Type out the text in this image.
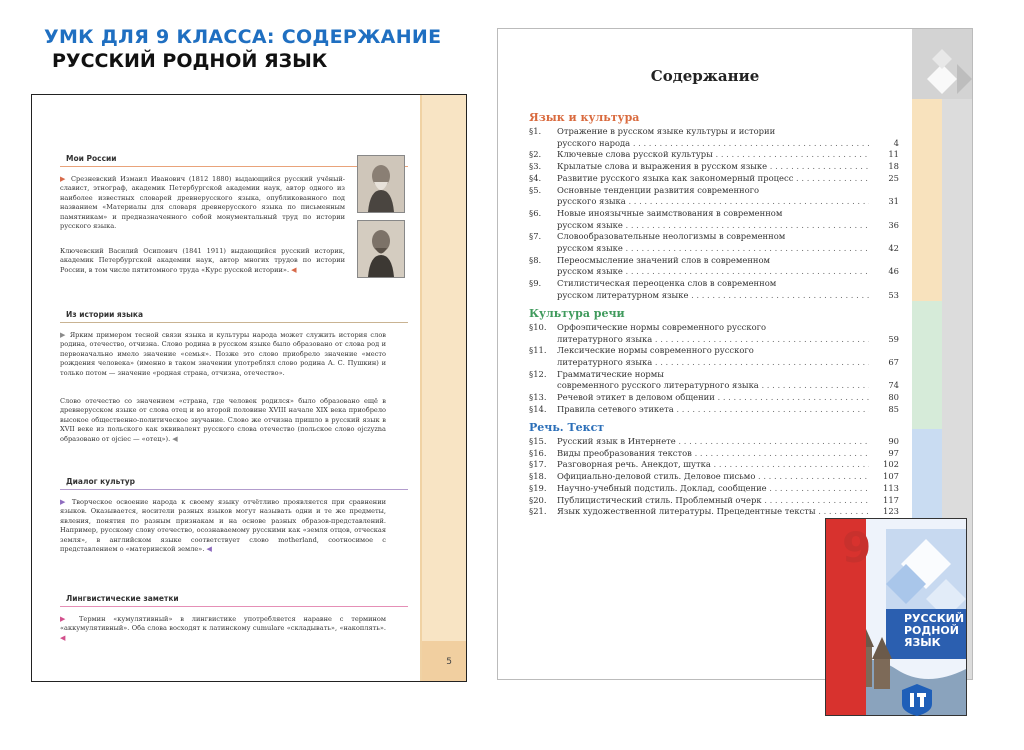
УМК ДЛЯ 9 КЛАССА: СОДЕРЖАНИЕ
РУССКИЙ РОДНОЙ ЯЗЫК
5
Мои России
▶ Срезневский Измаил Иванович (1812 1880) выдающийся русский учёный-славист, этнограф, академик Петербургской академии наук, автор одного из наиболее известных словарей древнерусского языка, опубликованного под названием «Материалы для словаря древнерусского языка по письменным памятникам» и предназначенного собой монументальный труд по истории русского языка.
Ключевский Василий Осипович (1841 1911) выдающийся русский историк, академик Петербургской академии наук, автор многих трудов по истории России, в том числе пятитомного труда «Курс русской истории». ◀
Из истории языка
▶ Ярким примером тесной связи языка и культуры народа может служить история слов родина, отечество, отчизна. Слово родина в русском языке было образовано от слова род и первоначально имело значение «семья». Позже это слово приобрело значение «место рождения человека» (именно в таком значении употреблял слово родина А. С. Пушкин) и только потом — значение «родная страна, отчизна, отечество».
Слово отечество со значением «страна, где человек родился» было образовано ещё в древнерусском языке от слова отец и во второй половине XVIII начале XIX века приобрело высокое общественно-политическое звучание. Слово же отчизна пришло в русский язык в XVII веке из польского как эквивалент русского слова отечество (польское слово ojczyzna образовано от ojciec — «отец»). ◀
Диалог культур
▶ Творческое освоение народа к своему языку отчётливо проявляется при сравнении языков. Оказывается, носители разных языков могут называть одни и те же предметы, явления, понятия по разным признакам и на основе разных образов-представлений. Например, русскому слову отечество, осознаваемому русскими как «земля отцов, отческая земля», в английском языке соответствует слово motherland, соотносимое с представлением о «материнской земле». ◀
Лингвистические заметки
▶ Термин «кумулятивный» в лингвистике употребляется наравне с термином «аккумулятивный». Оба слова восходят к латинскому cumulare «складывать», «накоплять». ◀
Содержание
Язык и культура
§1. Отражение в русском языке культуры и истории
русского народа . . .	4
§2. Ключевые слова русской культуры . . .	11
§3. Крылатые слова и выражения в русском языке . . .	18
§4. Развитие русского языка как закономерный процесс . . .	25
§5. Основные тенденции развития современного
русского языка . . .	31
§6. Новые иноязычные заимствования в современном
русском языке . . .	36
§7. Словообразовательные неологизмы в современном
русском языке . . .	42
§8. Переосмысление значений слов в современном
русском языке . . .	46
§9. Стилистическая переоценка слов в современном
русском литературном языке . . .	53
Культура речи
§10. Орфоэпические нормы современного русского
литературного языка . . .	59
§11. Лексические нормы современного русского
литературного языка . . .	67
§12. Грамматические нормы
современного русского литературного языка . . .	74
§13. Речевой этикет в деловом общении . . .	80
§14. Правила сетевого этикета . . .	85
Речь. Текст
§15. Русский язык в Интернете . . .	90
§16. Виды преобразования текстов . . .	97
§17. Разговорная речь. Анекдот, шутка . . .	102
§18. Официально-деловой стиль. Деловое письмо . . .	107
§19. Научно-учебный подстиль. Доклад, сообщение . . .	113
§20. Публицистический стиль. Проблемный очерк . . .	117
§21. Язык художественной литературы. Прецедентные тексты . . .	123
9
РУССКИЙ
РОДНОЙ
ЯЗЫК
